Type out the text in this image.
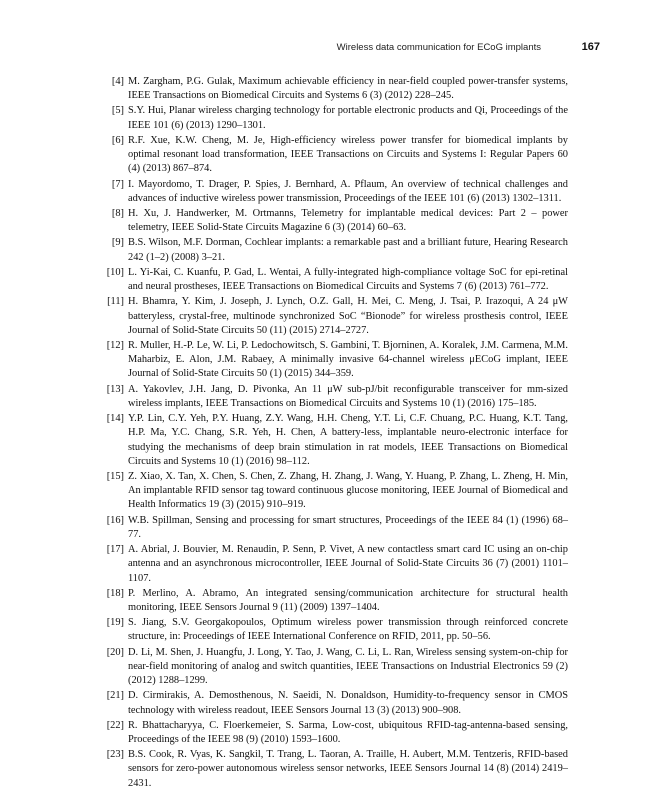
Wireless data communication for ECoG implants	167
[4] M. Zargham, P.G. Gulak, Maximum achievable efficiency in near-field coupled power-transfer systems, IEEE Transactions on Biomedical Circuits and Systems 6 (3) (2012) 228–245.
[5] S.Y. Hui, Planar wireless charging technology for portable electronic products and Qi, Proceedings of the IEEE 101 (6) (2013) 1290–1301.
[6] R.F. Xue, K.W. Cheng, M. Je, High-efficiency wireless power transfer for biomedical implants by optimal resonant load transformation, IEEE Transactions on Circuits and Systems I: Regular Papers 60 (4) (2013) 867–874.
[7] I. Mayordomo, T. Drager, P. Spies, J. Bernhard, A. Pflaum, An overview of technical challenges and advances of inductive wireless power transmission, Proceedings of the IEEE 101 (6) (2013) 1302–1311.
[8] H. Xu, J. Handwerker, M. Ortmanns, Telemetry for implantable medical devices: Part 2 – power telemetry, IEEE Solid-State Circuits Magazine 6 (3) (2014) 60–63.
[9] B.S. Wilson, M.F. Dorman, Cochlear implants: a remarkable past and a brilliant future, Hearing Research 242 (1–2) (2008) 3–21.
[10] L. Yi-Kai, C. Kuanfu, P. Gad, L. Wentai, A fully-integrated high-compliance voltage SoC for epi-retinal and neural prostheses, IEEE Transactions on Biomedical Circuits and Systems 7 (6) (2013) 761–772.
[11] H. Bhamra, Y. Kim, J. Joseph, J. Lynch, O.Z. Gall, H. Mei, C. Meng, J. Tsai, P. Irazoqui, A 24 μW batteryless, crystal-free, multinode synchronized SoC “Bionode” for wireless prosthesis control, IEEE Journal of Solid-State Circuits 50 (11) (2015) 2714–2727.
[12] R. Muller, H.-P. Le, W. Li, P. Ledochowitsch, S. Gambini, T. Bjorninen, A. Koralek, J.M. Carmena, M.M. Maharbiz, E. Alon, J.M. Rabaey, A minimally invasive 64-channel wireless μECoG implant, IEEE Journal of Solid-State Circuits 50 (1) (2015) 344–359.
[13] A. Yakovlev, J.H. Jang, D. Pivonka, An 11 μW sub-pJ/bit reconfigurable transceiver for mm-sized wireless implants, IEEE Transactions on Biomedical Circuits and Systems 10 (1) (2016) 175–185.
[14] Y.P. Lin, C.Y. Yeh, P.Y. Huang, Z.Y. Wang, H.H. Cheng, Y.T. Li, C.F. Chuang, P.C. Huang, K.T. Tang, H.P. Ma, Y.C. Chang, S.R. Yeh, H. Chen, A battery-less, implantable neuro-electronic interface for studying the mechanisms of deep brain stimulation in rat models, IEEE Transactions on Biomedical Circuits and Systems 10 (1) (2016) 98–112.
[15] Z. Xiao, X. Tan, X. Chen, S. Chen, Z. Zhang, H. Zhang, J. Wang, Y. Huang, P. Zhang, L. Zheng, H. Min, An implantable RFID sensor tag toward continuous glucose monitoring, IEEE Journal of Biomedical and Health Informatics 19 (3) (2015) 910–919.
[16] W.B. Spillman, Sensing and processing for smart structures, Proceedings of the IEEE 84 (1) (1996) 68–77.
[17] A. Abrial, J. Bouvier, M. Renaudin, P. Senn, P. Vivet, A new contactless smart card IC using an on-chip antenna and an asynchronous microcontroller, IEEE Journal of Solid-State Circuits 36 (7) (2001) 1101–1107.
[18] P. Merlino, A. Abramo, An integrated sensing/communication architecture for structural health monitoring, IEEE Sensors Journal 9 (11) (2009) 1397–1404.
[19] S. Jiang, S.V. Georgakopoulos, Optimum wireless power transmission through reinforced concrete structure, in: Proceedings of IEEE International Conference on RFID, 2011, pp. 50–56.
[20] D. Li, M. Shen, J. Huangfu, J. Long, Y. Tao, J. Wang, C. Li, L. Ran, Wireless sensing system-on-chip for near-field monitoring of analog and switch quantities, IEEE Transactions on Industrial Electronics 59 (2) (2012) 1288–1299.
[21] D. Cirmirakis, A. Demosthenous, N. Saeidi, N. Donaldson, Humidity-to-frequency sensor in CMOS technology with wireless readout, IEEE Sensors Journal 13 (3) (2013) 900–908.
[22] R. Bhattacharyya, C. Floerkemeier, S. Sarma, Low-cost, ubiquitous RFID-tag-antenna-based sensing, Proceedings of the IEEE 98 (9) (2010) 1593–1600.
[23] B.S. Cook, R. Vyas, K. Sangkil, T. Trang, L. Taoran, A. Traille, H. Aubert, M.M. Tentzeris, RFID-based sensors for zero-power autonomous wireless sensor networks, IEEE Sensors Journal 14 (8) (2014) 2419–2431.
